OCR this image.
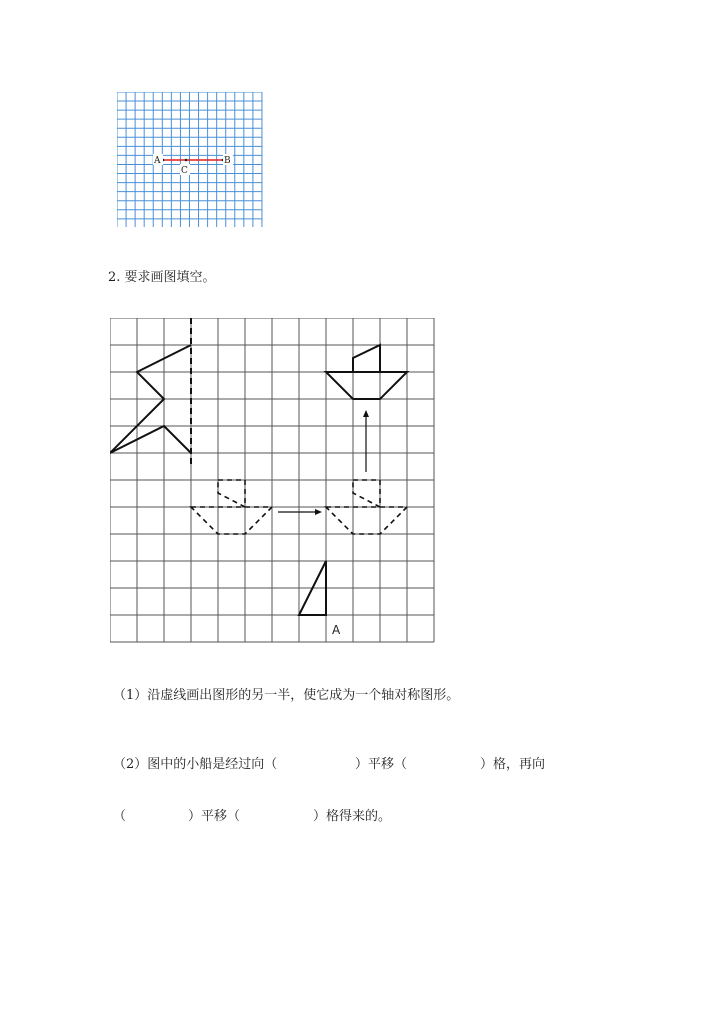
A	B
C
2. 要求画图填空。
A
（1）沿虚线画出图形的另一半，使它成为一个轴对称图形。
（2）图中的小船是经过向（	）平移（	）格，再向
（	）平移（	）格得来的。
